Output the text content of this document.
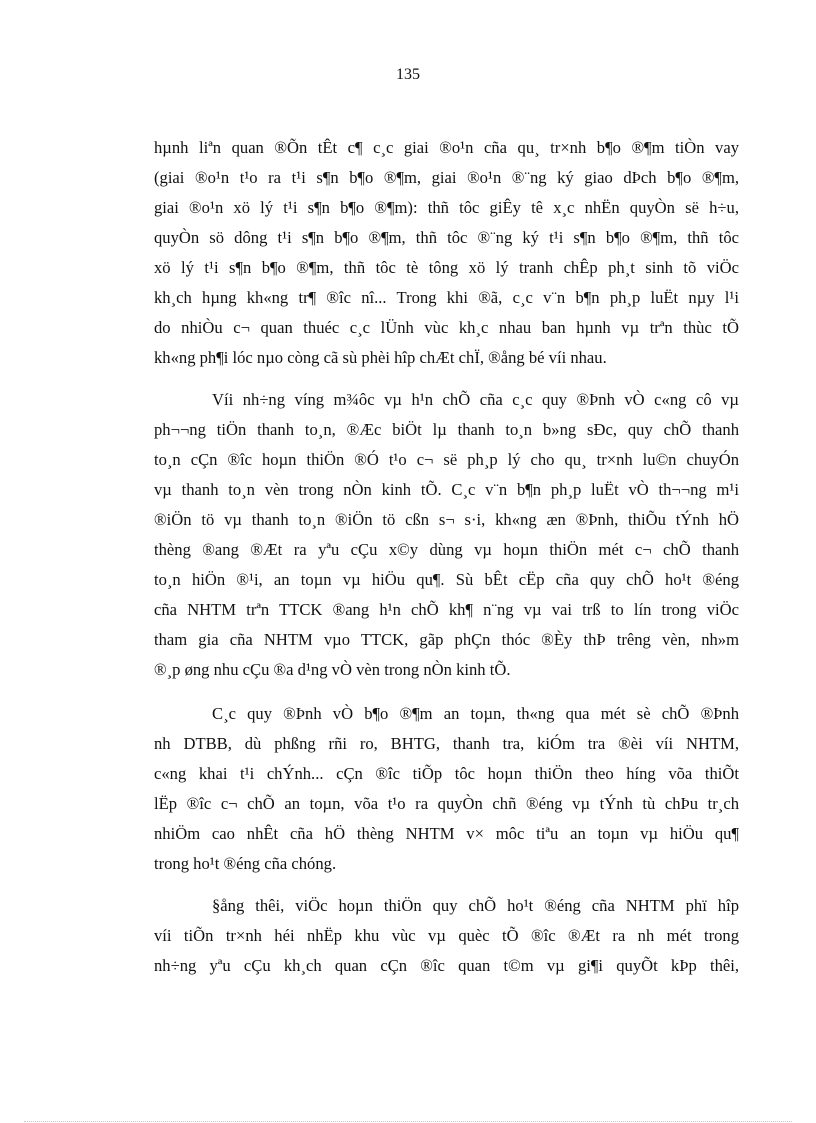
135

hµnh liªn quan ®Õn tÊt c¶ c¸c giai ®o¹n cña qu¸ tr×nh b¶o ®¶m tiÒn vay
(giai ®o¹n t¹o ra t¹i s¶n b¶o ®¶m, giai ®o¹n ®¨ng ký giao dÞch b¶o ®¶m,
giai ®o¹n xö lý t¹i s¶n b¶o ®¶m): thñ tôc giÊy tê x¸c nhËn quyÒn së h÷u,
quyÒn sö dông t¹i s¶n b¶o ®¶m, thñ tôc ®¨ng ký t¹i s¶n b¶o ®¶m, thñ tôc
xö lý t¹i s¶n b¶o ®¶m, thñ tôc tè tông xö lý tranh chÊp ph¸t sinh tõ viÖc
kh¸ch hµng kh«ng tr¶ ®îc nî... Trong khi ®ã, c¸c v¨n b¶n ph¸p luËt nµy l¹i
do nhiÒu c¬ quan thuéc c¸c lÜnh vùc kh¸c nhau ban hµnh vµ trªn thùc tÕ
kh«ng ph¶i lóc nµo còng cã sù phèi hîp chÆt chÏ, ®ång bé víi nhau.

Víi nh÷ng víng m¾ôc vµ h¹n chÕ cña c¸c quy ®Þnh vÒ c«ng cô vµ
ph¬¬ng tiÖn thanh to¸n, ®Æc biÖt lµ thanh to¸n b»ng sÐc, quy chÕ thanh
to¸n cÇn ®îc hoµn thiÖn ®Ó t¹o c¬ së ph¸p lý cho qu¸ tr×nh lu©n chuyÓn
vµ thanh to¸n vèn trong nÒn kinh tÕ. C¸c v¨n b¶n ph¸p luËt vÒ th¬¬ng m¹i
®iÖn tö vµ thanh to¸n ®iÖn tö cßn s¬ s·i, kh«ng æn ®Þnh, thiÕu tÝnh hÖ
thèng ®ang ®Æt ra yªu cÇu x©y dùng vµ hoµn thiÖn mét c¬ chÕ thanh
to¸n hiÖn ®¹i, an toµn vµ hiÖu qu¶. Sù bÊt cËp cña quy chÕ ho¹t ®éng
cña NHTM trªn TTCK ®ang h¹n chÕ kh¶ n¨ng vµ vai trß to lín trong viÖc
tham gia cña NHTM vµo TTCK, gãp phÇn thóc ®Èy thÞ trêng vèn, nh»m
®¸p øng nhu cÇu ®a d¹ng vÒ vèn trong nÒn kinh tÕ.

C¸c quy ®Þnh vÒ b¶o ®¶m an toµn, th«ng qua mét sè chÕ ®Þnh
nh DTBB, dù phßng rñi ro, BHTG, thanh tra, kiÓm tra ®èi víi NHTM,
c«ng khai t¹i chÝnh... cÇn ®îc tiÕp tôc hoµn thiÖn theo híng võa thiÕt
lËp ®îc c¬ chÕ an toµn, võa t¹o ra quyÒn chñ ®éng vµ tÝnh tù chÞu tr¸ch
nhiÖm cao nhÊt cña hÖ thèng NHTM v× môc tiªu an toµn vµ hiÖu qu¶
trong ho¹t ®éng cña chóng.

§ång thêi, viÖc hoµn thiÖn quy chÕ ho¹t ®éng cña NHTM phï hîp
víi tiÕn tr×nh héi nhËp khu vùc vµ quèc tÕ ®îc ®Æt ra nh mét trong
nh÷ng yªu cÇu kh¸ch quan cÇn ®îc quan t©m vµ gi¶i quyÕt kÞp thêi,
